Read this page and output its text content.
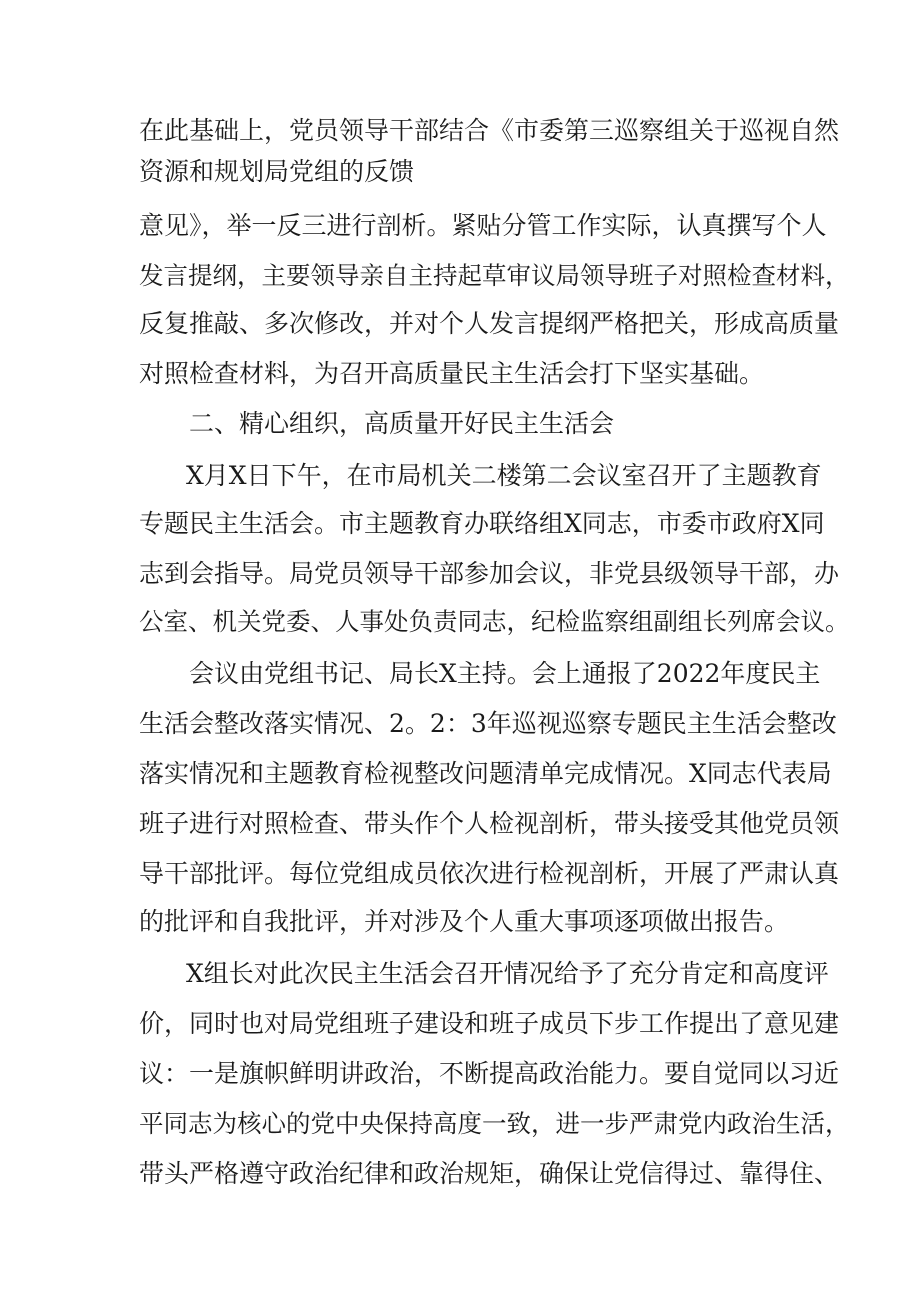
在此基础上，党员领导干部结合《市委第三巡察组关于巡视自然
资源和规划局党组的反馈
意见》，举一反三进行剖析。紧贴分管工作实际，认真撰写个人
发言提纲，主要领导亲自主持起草审议局领导班子对照检查材料，
反复推敲、多次修改，并对个人发言提纲严格把关，形成高质量
对照检查材料，为召开高质量民主生活会打下坚实基础。
二、精心组织，高质量开好民主生活会
X月X日下午，在市局机关二楼第二会议室召开了主题教育
专题民主生活会。市主题教育办联络组X同志，市委市政府X同
志到会指导。局党员领导干部参加会议，非党县级领导干部，办
公室、机关党委、人事处负责同志，纪检监察组副组长列席会议。
会议由党组书记、局长X主持。会上通报了2022年度民主
生活会整改落实情况、2。2：3年巡视巡察专题民主生活会整改
落实情况和主题教育检视整改问题清单完成情况。X同志代表局
班子进行对照检查、带头作个人检视剖析，带头接受其他党员领
导干部批评。每位党组成员依次进行检视剖析，开展了严肃认真
的批评和自我批评，并对涉及个人重大事项逐项做出报告。
X组长对此次民主生活会召开情况给予了充分肯定和高度评
价，同时也对局党组班子建设和班子成员下步工作提出了意见建
议：一是旗帜鲜明讲政治，不断提高政治能力。要自觉同以习近
平同志为核心的党中央保持高度一致，进一步严肃党内政治生活，
带头严格遵守政治纪律和政治规矩，确保让党信得过、靠得住、
